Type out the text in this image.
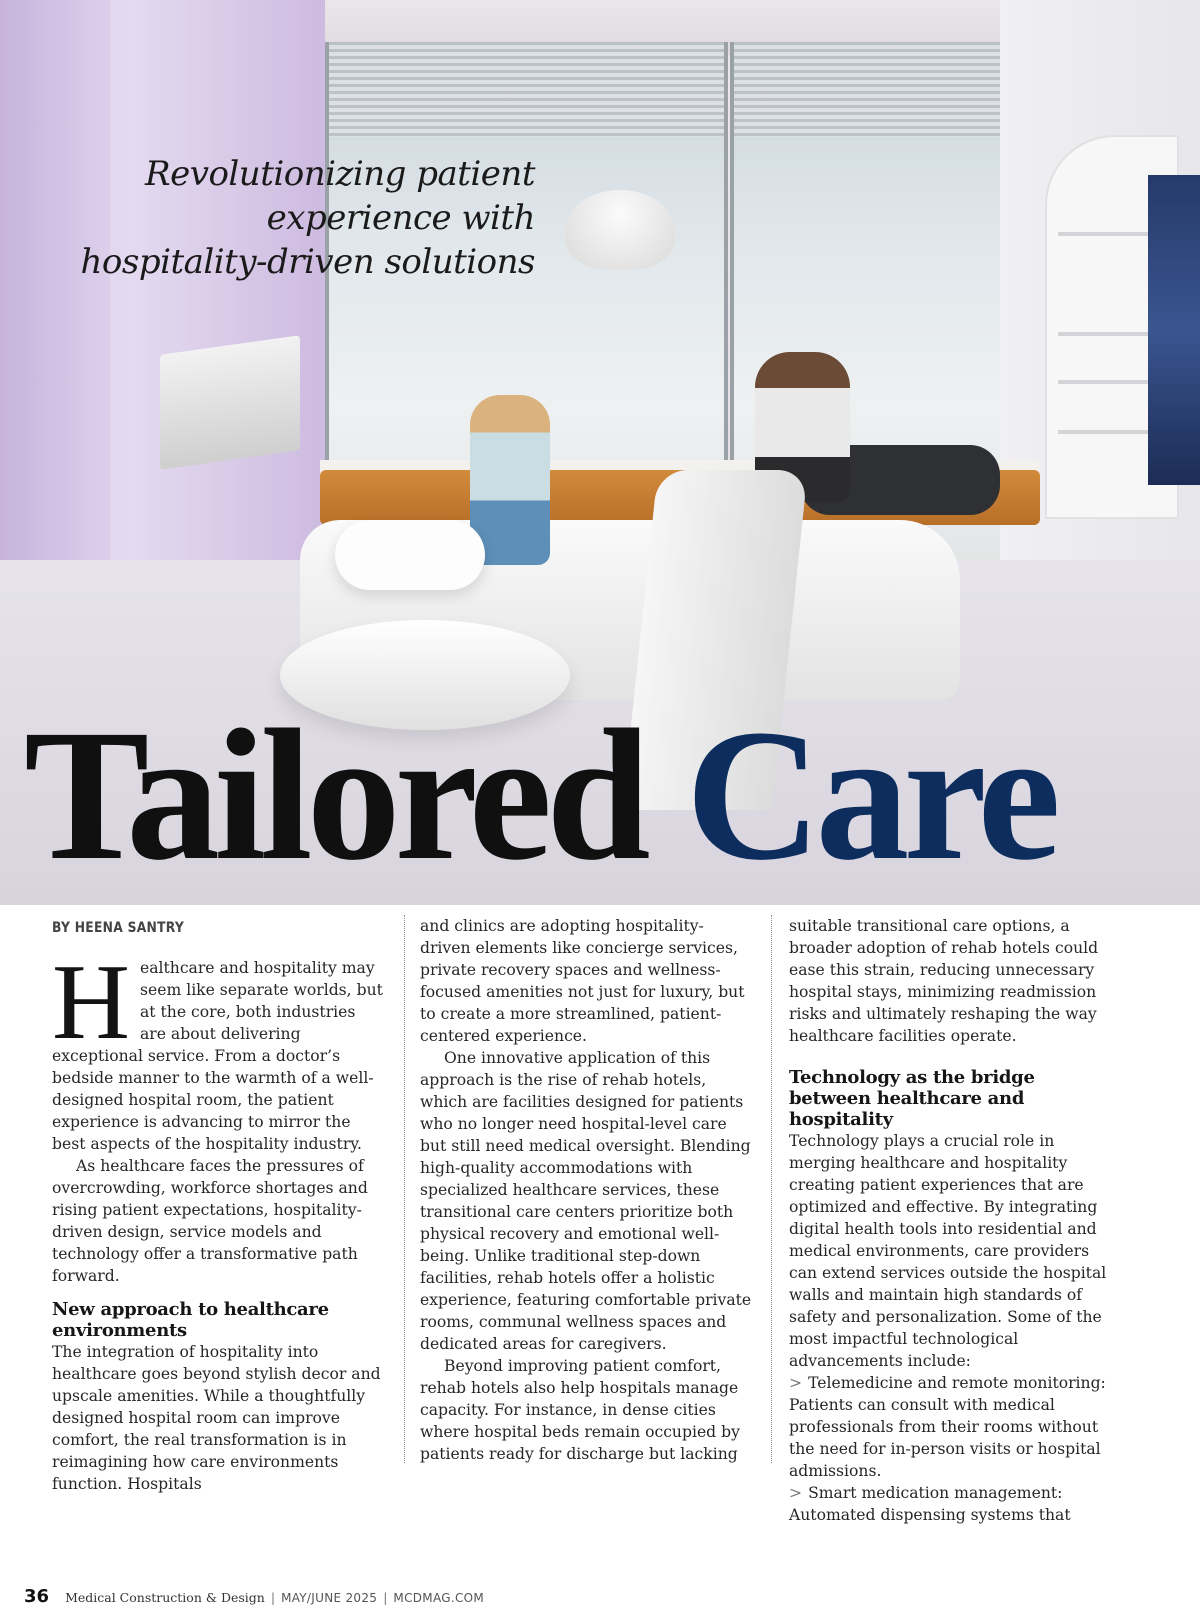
Revolutionizing patient experience with hospitality-driven solutions
Tailored Care
BY HEENA SANTRY

Healthcare and hospitality may seem like separate worlds, but at the core, both industries are about delivering exceptional service. From a doctor’s bedside manner to the warmth of a well-designed hospital room, the patient experience is advancing to mirror the best aspects of the hospitality industry.

As healthcare faces the pressures of overcrowding, workforce shortages and rising patient expectations, hospitality-driven design, service models and technology offer a transformative path forward.

New approach to healthcare environments

The integration of hospitality into healthcare goes beyond stylish decor and upscale amenities. While a thoughtfully designed hospital room can improve comfort, the real transformation is in reimagining how care environments function. Hospitals

and clinics are adopting hospitality-driven elements like concierge services, private recovery spaces and wellness-focused amenities not just for luxury, but to create a more streamlined, patient-centered experience.

One innovative application of this approach is the rise of rehab hotels, which are facilities designed for patients who no longer need hospital-level care but still need medical oversight. Blending high-quality accommodations with specialized healthcare services, these transitional care centers prioritize both physical recovery and emotional well-being. Unlike traditional step-down facilities, rehab hotels offer a holistic experience, featuring comfortable private rooms, communal wellness spaces and dedicated areas for caregivers.

Beyond improving patient comfort, rehab hotels also help hospitals manage capacity. For instance, in dense cities where hospital beds remain occupied by patients ready for discharge but lacking

suitable transitional care options, a broader adoption of rehab hotels could ease this strain, reducing unnecessary hospital stays, minimizing readmission risks and ultimately reshaping the way healthcare facilities operate.

Technology as the bridge between healthcare and hospitality

Technology plays a crucial role in merging healthcare and hospitality creating patient experiences that are optimized and effective. By integrating digital health tools into residential and medical environments, care providers can extend services outside the hospital walls and maintain high standards of safety and personalization. Some of the most impactful technological advancements include:

> Telemedicine and remote monitoring: Patients can consult with medical professionals from their rooms without the need for in-person visits or hospital admissions.

> Smart medication management: Automated dispensing systems that

36 Medical Construction & Design | MAY/JUNE 2025 | MCDMAG.COM
